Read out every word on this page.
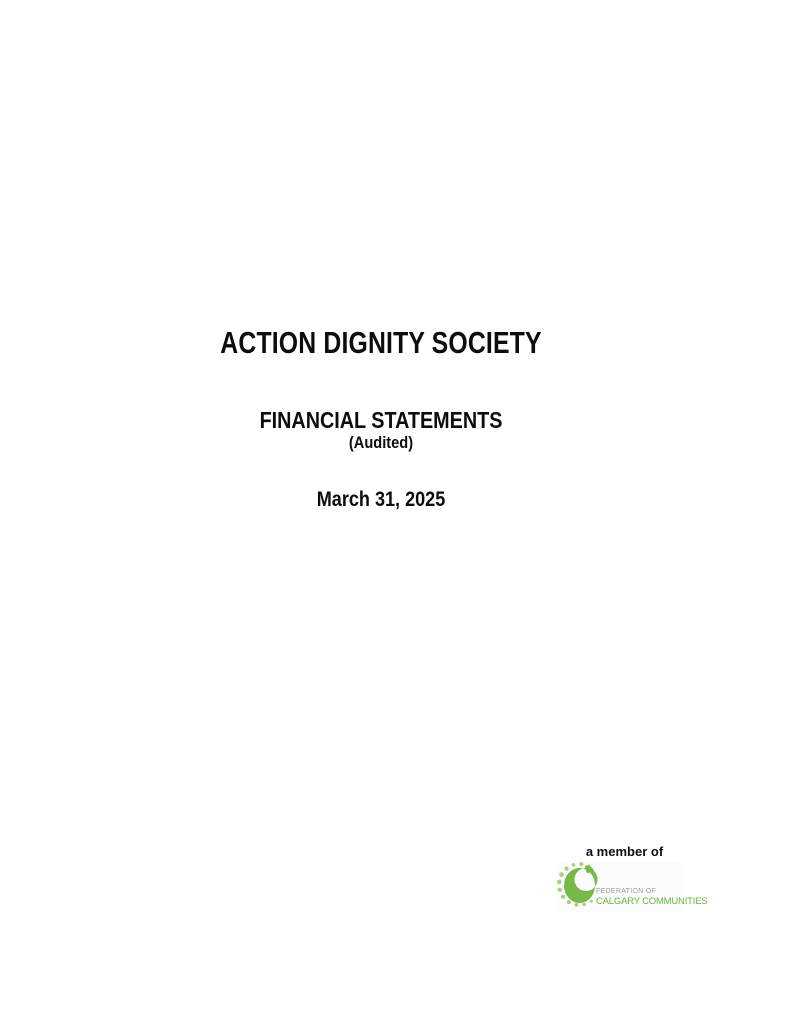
ACTION DIGNITY SOCIETY
FINANCIAL STATEMENTS
(Audited)
March 31, 2025
a member of
FEDERATION OF
CALGARY COMMUNITIES
